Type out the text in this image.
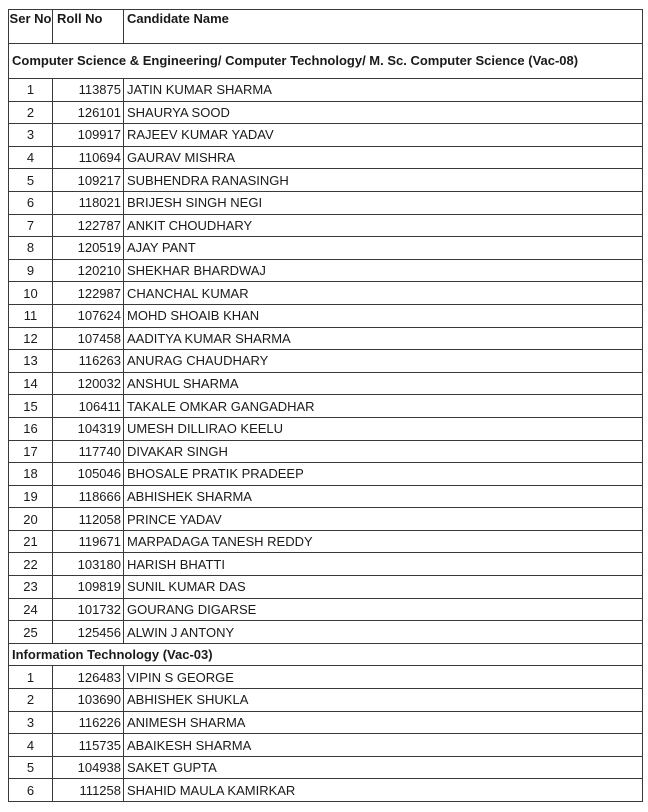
Ser No	Roll No	Candidate Name
Computer Science & Engineering/ Computer Technology/ M. Sc. Computer Science (Vac-08)		
1	113875	JATIN KUMAR SHARMA
2	126101	SHAURYA SOOD
3	109917	RAJEEV KUMAR YADAV
4	110694	GAURAV MISHRA
5	109217	SUBHENDRA RANASINGH
6	118021	BRIJESH SINGH NEGI
7	122787	ANKIT CHOUDHARY
8	120519	AJAY PANT
9	120210	SHEKHAR BHARDWAJ
10	122987	CHANCHAL KUMAR
11	107624	MOHD SHOAIB KHAN
12	107458	AADITYA KUMAR SHARMA
13	116263	ANURAG CHAUDHARY
14	120032	ANSHUL SHARMA
15	106411	TAKALE OMKAR GANGADHAR
16	104319	UMESH DILLIRAO KEELU
17	117740	DIVAKAR SINGH
18	105046	BHOSALE PRATIK PRADEEP
19	118666	ABHISHEK SHARMA
20	112058	PRINCE YADAV
21	119671	MARPADAGA TANESH REDDY
22	103180	HARISH BHATTI
23	109819	SUNIL KUMAR DAS
24	101732	GOURANG DIGARSE
25	125456	ALWIN J ANTONY
Information Technology (Vac-03)		
1	126483	VIPIN S GEORGE
2	103690	ABHISHEK SHUKLA
3	116226	ANIMESH SHARMA
4	115735	ABAIKESH SHARMA
5	104938	SAKET GUPTA
6	111258	SHAHID MAULA KAMIRKAR
